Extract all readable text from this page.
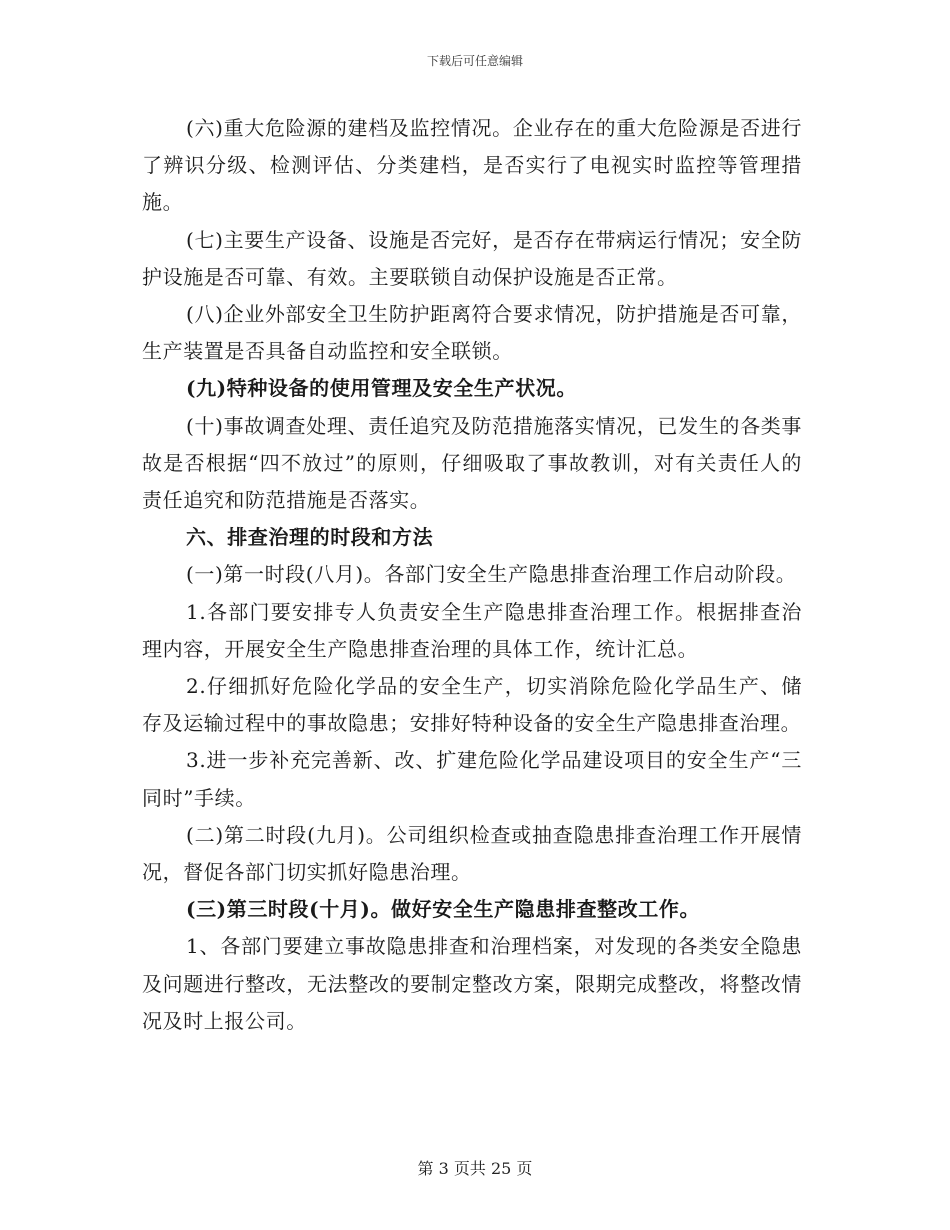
下载后可任意编辑

(六)重大危险源的建档及监控情况。企业存在的重大危险源是否进行了辨识分级、检测评估、分类建档，是否实行了电视实时监控等管理措施。

(七)主要生产设备、设施是否完好，是否存在带病运行情况；安全防护设施是否可靠、有效。主要联锁自动保护设施是否正常。

(八)企业外部安全卫生防护距离符合要求情况，防护措施是否可靠，生产装置是否具备自动监控和安全联锁。

(九)特种设备的使用管理及安全生产状况。

(十)事故调查处理、责任追究及防范措施落实情况，已发生的各类事故是否根据“四不放过”的原则，仔细吸取了事故教训，对有关责任人的责任追究和防范措施是否落实。

六、排查治理的时段和方法

(一)第一时段(八月)。各部门安全生产隐患排查治理工作启动阶段。

1.各部门要安排专人负责安全生产隐患排查治理工作。根据排查治理内容，开展安全生产隐患排查治理的具体工作，统计汇总。

2.仔细抓好危险化学品的安全生产，切实消除危险化学品生产、储存及运输过程中的事故隐患；安排好特种设备的安全生产隐患排查治理。

3.进一步补充完善新、改、扩建危险化学品建设项目的安全生产“三同时”手续。

(二)第二时段(九月)。公司组织检查或抽查隐患排查治理工作开展情况，督促各部门切实抓好隐患治理。

(三)第三时段(十月)。做好安全生产隐患排查整改工作。

1、各部门要建立事故隐患排查和治理档案，对发现的各类安全隐患及问题进行整改，无法整改的要制定整改方案，限期完成整改，将整改情况及时上报公司。

第 3 页共 25 页
